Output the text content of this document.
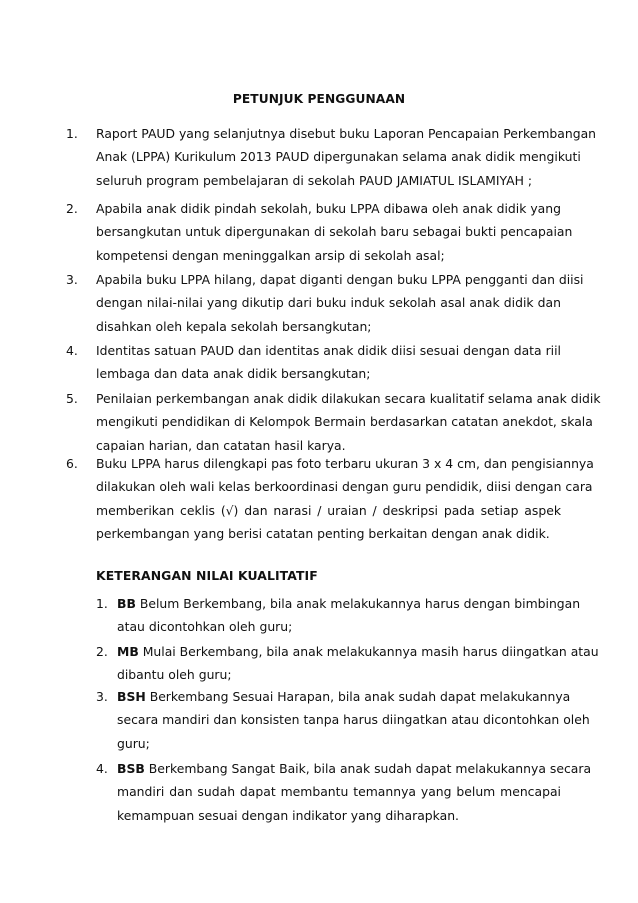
PETUNJUK PENGGUNAAN
1. Raport PAUD yang selanjutnya disebut buku Laporan Pencapaian Perkembangan
Anak (LPPA) Kurikulum 2013 PAUD dipergunakan selama anak didik mengikuti
seluruh program pembelajaran di sekolah PAUD JAMIATUL ISLAMIYAH ;
2. Apabila anak didik pindah sekolah, buku LPPA dibawa oleh anak didik yang
bersangkutan untuk dipergunakan di sekolah baru sebagai bukti pencapaian
kompetensi dengan meninggalkan arsip di sekolah asal;
3. Apabila buku LPPA hilang, dapat diganti dengan buku LPPA pengganti dan diisi
dengan nilai-nilai yang dikutip dari buku induk sekolah asal anak didik dan
disahkan oleh kepala sekolah bersangkutan;
4. Identitas satuan PAUD dan identitas anak didik diisi sesuai dengan data riil
lembaga dan data anak didik bersangkutan;
5. Penilaian perkembangan anak didik dilakukan secara kualitatif selama anak didik
mengikuti pendidikan di Kelompok Bermain berdasarkan catatan anekdot, skala
capaian harian, dan catatan hasil karya.
6. Buku LPPA harus dilengkapi pas foto terbaru ukuran 3 x 4 cm, dan pengisiannya
dilakukan oleh wali kelas berkoordinasi dengan guru pendidik, diisi dengan cara
memberikan ceklis (√) dan narasi / uraian / deskripsi pada setiap aspek
perkembangan yang berisi catatan penting berkaitan dengan anak didik.
KETERANGAN NILAI KUALITATIF
1. BB Belum Berkembang, bila anak melakukannya harus dengan bimbingan
atau dicontohkan oleh guru;
2. MB Mulai Berkembang, bila anak melakukannya masih harus diingatkan atau
dibantu oleh guru;
3. BSH Berkembang Sesuai Harapan, bila anak sudah dapat melakukannya
secara mandiri dan konsisten tanpa harus diingatkan atau dicontohkan oleh
guru;
4. BSB Berkembang Sangat Baik, bila anak sudah dapat melakukannya secara
mandiri dan sudah dapat membantu temannya yang belum mencapai
kemampuan sesuai dengan indikator yang diharapkan.
